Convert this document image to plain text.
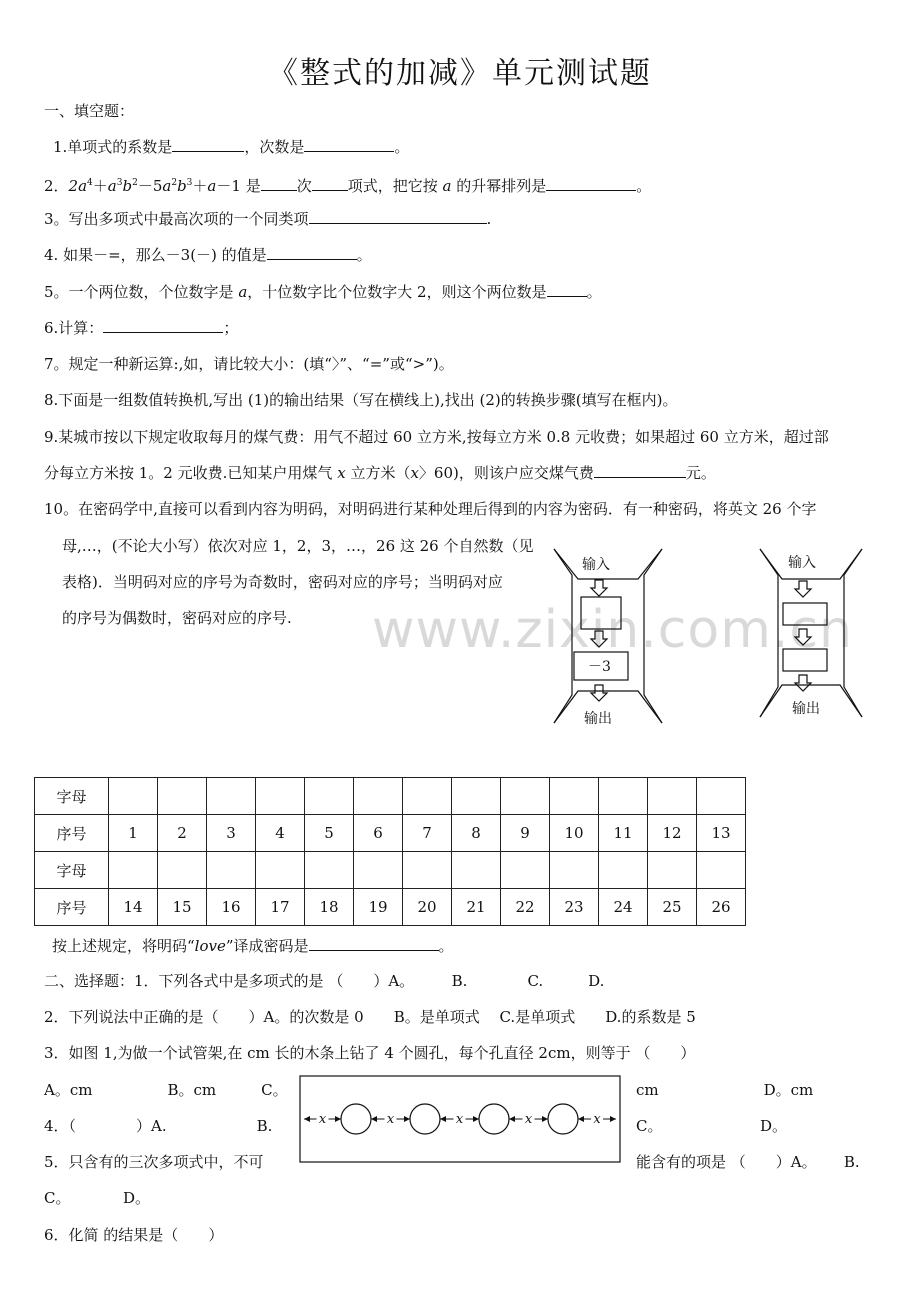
《整式的加减》单元测试题
www.zixin.com.cn
一、填空题：
1.单项式的系数是	，次数是	。
2．$2a^4+a^3b^2-5a^2b^3+a-1$ 是 次 项式，把它按 a 的升幂排列是	。
3。写出多项式中最高次项的一个同类项	.
4. 如果－=，那么－3(－) 的值是	。
5。一个两位数，个位数字是 a，十位数字比个位数字大 2，则这个两位数是	。
6.计算：	；
7。规定一种新运算:,如，请比较大小：(填“〉”、“=”或“>”)。
8.下面是一组数值转换机,写出 (1)的输出结果（写在横线上),找出 (2)的转换步骤(填写在框内)。
9.某城市按以下规定收取每月的煤气费：用气不超过 60 立方米,按每立方米 0.8 元收费；如果超过 60 立方米，超过部
分每立方米按 1。2 元收费.已知某户用煤气 x 立方米（x〉60)，则该户应交煤气费	元。
10。在密码学中,直接可以看到内容为明码，对明码进行某种处理后得到的内容为密码．有一种密码，将英文 26 个字
母,…，(不论大小写）依次对应 1，2，3，…，26 这 26 个自然数（见
表格)．当明码对应的序号为奇数时，密码对应的序号；当明码对应
的序号为偶数时，密码对应的序号.
输入
－3
输出
输入
输出
字母													
序号	1	2	3	4	5	6	7	8	9	10	11	12	13
字母													
序号	14	15	16	17	18	19	20	21	22	23	24	25	26
按上述规定，将明码“love”译成密码是	。
二、选择题：1．下列各式中是多项式的是 （　　）A。　　　B.　　　　C.　　　D.
2．下列说法中正确的是（　　）A。的次数是 0　　B。是单项式　 C.是单项式　　D.的系数是 5
3．如图 1,为做一个试管架,在 cm 长的木条上钻了 4 个圆孔，每个孔直径 2cm，则等于 （　　）
A。cm　　　　　B。cm　　　C。	cm　　　　　　　D。cm
4．（　　　　）A.　　　　　　B.	C。　　　　　　　D。
5．只含有的三次多项式中，不可	能含有的项是 （　　）A。　　 B.
C。　　　　D。
6．化简 的结果是（　　）
x	x	x	x	x
